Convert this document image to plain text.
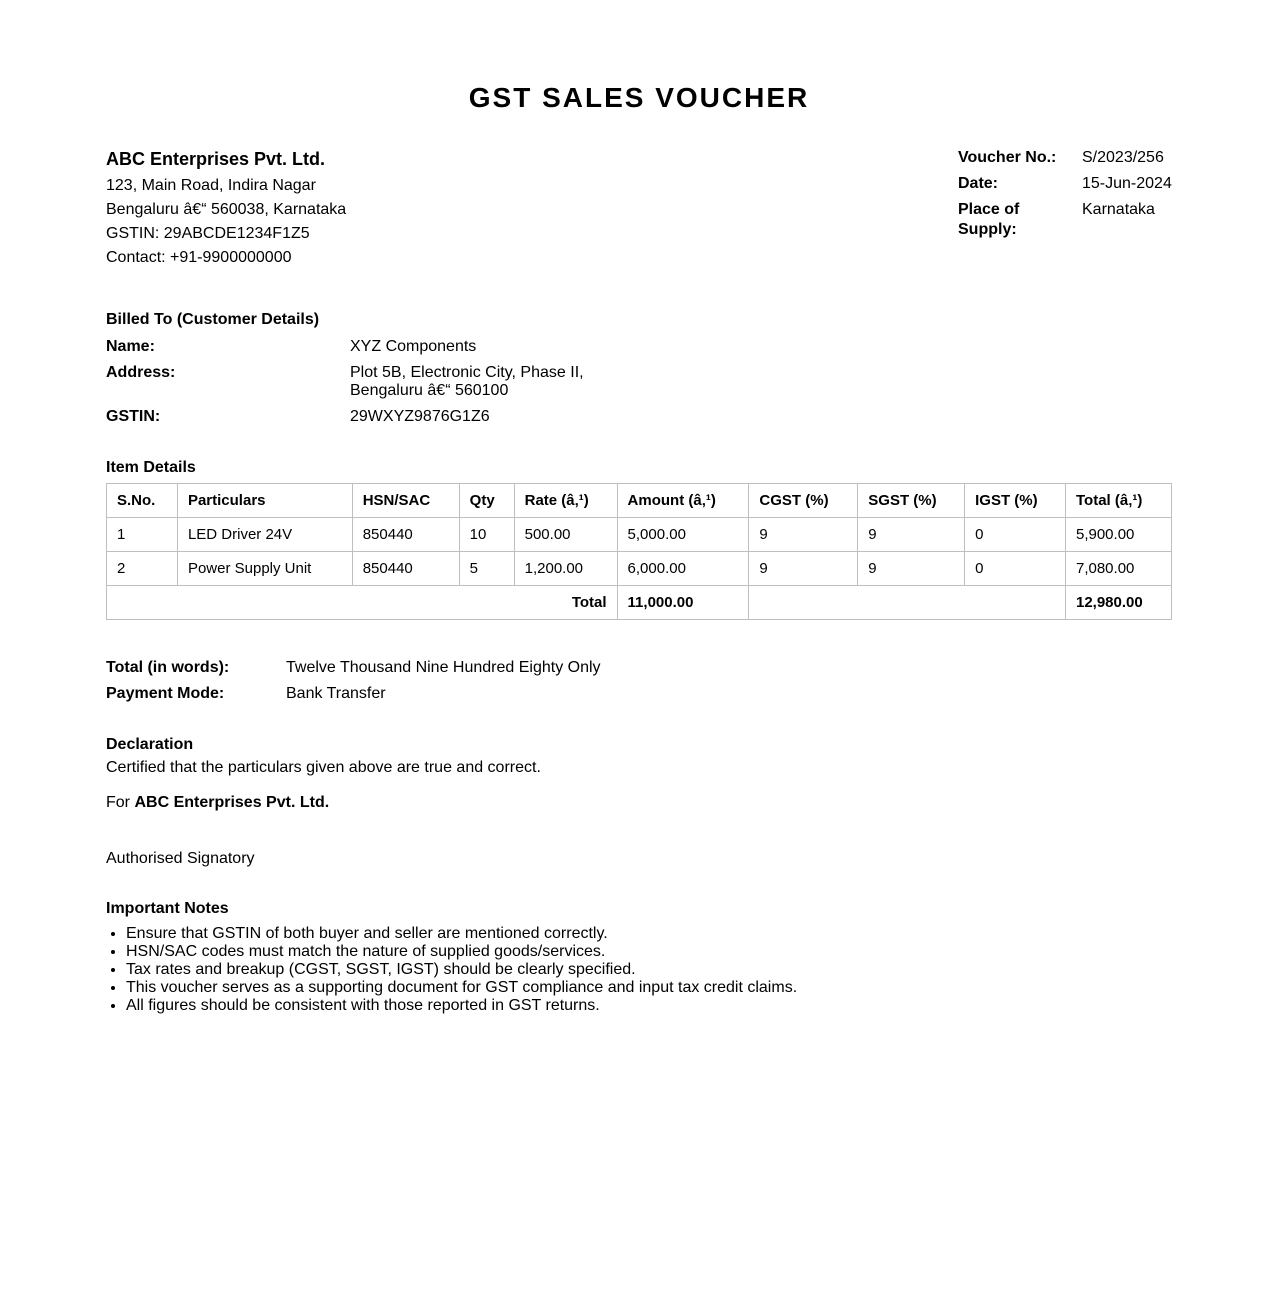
GST SALES VOUCHER
ABC Enterprises Pvt. Ltd.
123, Main Road, Indira Nagar
Bengaluru â€“ 560038, Karnataka
GSTIN: 29ABCDE1234F1Z5
Contact: +91-9900000000
Voucher No.:	S/2023/256
Date:	15-Jun-2024
Place of Supply:
Karnataka
Billed To (Customer Details)
Name:	XYZ Components
Address:	Plot 5B, Electronic City, Phase II,
Bengaluru â€“ 560100
GSTIN:	29WXYZ9876G1Z6
Item Details
S.No.	Particulars	HSN/SAC	Qty	Rate (â‚¹)	Amount (â‚¹)	CGST (%)	SGST (%)	IGST (%)	Total (â‚¹)
1	LED Driver 24V	850440	10	500.00	5,000.00	9	9	0	5,900.00
2	Power Supply Unit	850440	5	1,200.00	6,000.00	9	9	0	7,080.00
Total					11,000.00				12,980.00
Total (in words):	Twelve Thousand Nine Hundred Eighty Only
Payment Mode:	Bank Transfer
Declaration
Certified that the particulars given above are true and correct.
For ABC Enterprises Pvt. Ltd.
Authorised Signatory
Important Notes
• Ensure that GSTIN of both buyer and seller are mentioned correctly.
• HSN/SAC codes must match the nature of supplied goods/services.
• Tax rates and breakup (CGST, SGST, IGST) should be clearly specified.
• This voucher serves as a supporting document for GST compliance and input tax credit claims.
• All figures should be consistent with those reported in GST returns.
